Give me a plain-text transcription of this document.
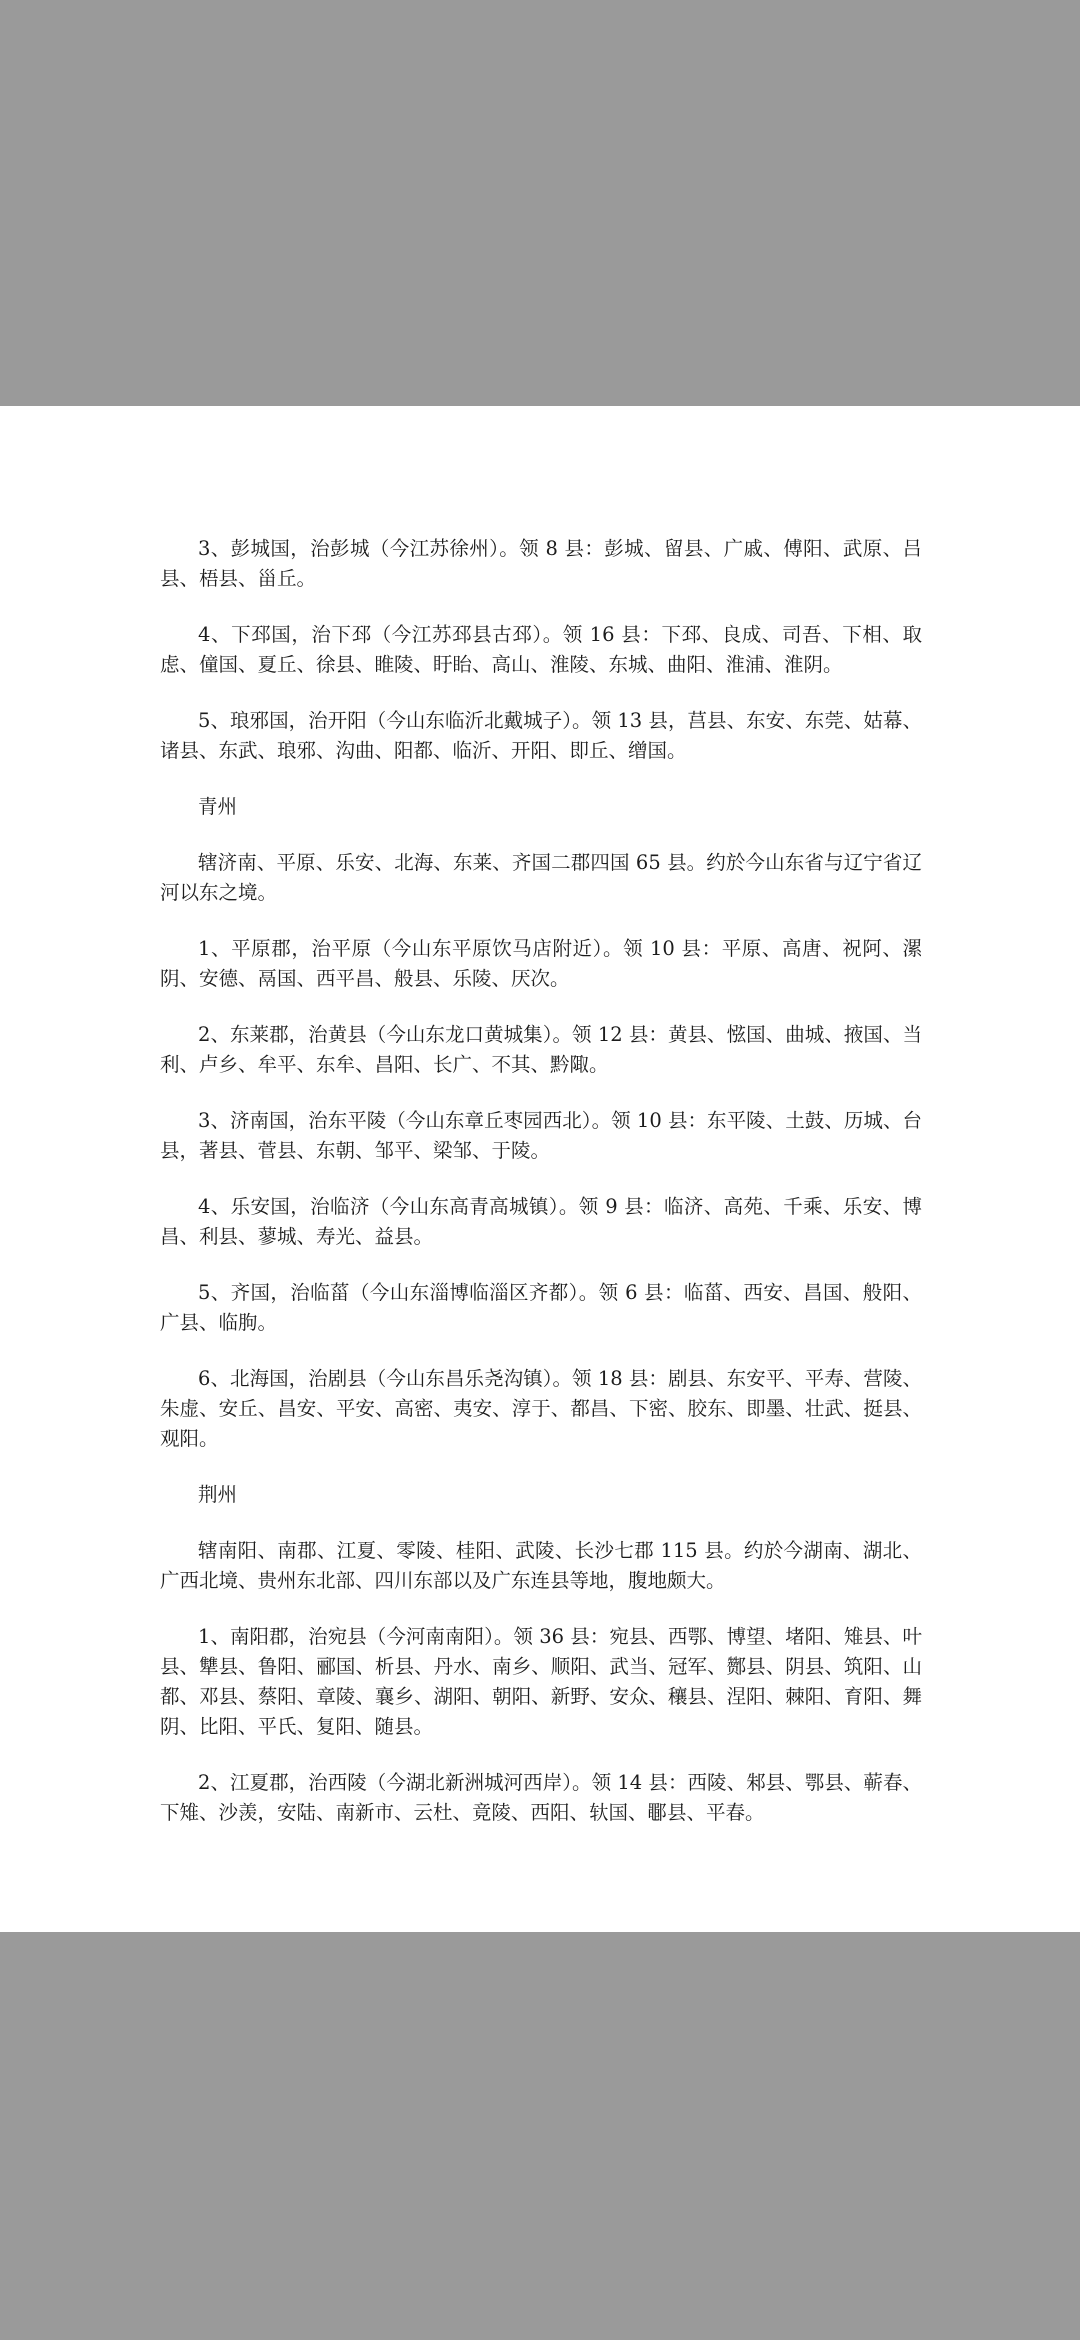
3、彭城国，治彭城（今江苏徐州）。领 8 县：彭城、留县、广戚、傅阳、武原、吕县、梧县、甾丘。

4、下邳国，治下邳（今江苏邳县古邳）。领 16 县：下邳、良成、司吾、下相、取虑、僮国、夏丘、徐县、睢陵、盱眙、高山、淮陵、东城、曲阳、淮浦、淮阴。

5、琅邪国，治开阳（今山东临沂北戴城子）。领 13 县，莒县、东安、东莞、姑幕、诸县、东武、琅邪、沟曲、阳都、临沂、开阳、即丘、缯国。

青州

辖济南、平原、乐安、北海、东莱、齐国二郡四国 65 县。约於今山东省与辽宁省辽河以东之境。

1、平原郡，治平原（今山东平原饮马店附近）。领 10 县：平原、高唐、祝阿、漯阴、安德、鬲国、西平昌、般县、乐陵、厌次。

2、东莱郡，治黄县（今山东龙口黄城集）。领 12 县：黄县、惤国、曲城、掖国、当利、卢乡、牟平、东牟、昌阳、长广、不其、黔陬。

3、济南国，治东平陵（今山东章丘枣园西北）。领 10 县：东平陵、土鼓、历城、台县，著县、菅县、东朝、邹平、梁邹、于陵。

4、乐安国，治临济（今山东高青高城镇）。领 9 县：临济、高苑、千乘、乐安、博昌、利县、蓼城、寿光、益县。

5、齐国，治临菑（今山东淄博临淄区齐都）。领 6 县：临菑、西安、昌国、般阳、广县、临朐。

6、北海国，治剧县（今山东昌乐尧沟镇）。领 18 县：剧县、东安平、平寿、营陵、朱虚、安丘、昌安、平安、高密、夷安、淳于、都昌、下密、胶东、即墨、壮武、挺县、观阳。

荆州

辖南阳、南郡、江夏、零陵、桂阳、武陵、长沙七郡 115 县。约於今湖南、湖北、广西北境、贵州东北部、四川东部以及广东连县等地，腹地颇大。

1、南阳郡，治宛县（今河南南阳）。领 36 县：宛县、西鄂、博望、堵阳、雉县、叶县、犨县、鲁阳、郦国、析县、丹水、南乡、顺阳、武当、冠军、酂县、阴县、筑阳、山都、邓县、蔡阳、章陵、襄乡、湖阳、朝阳、新野、安众、穰县、涅阳、棘阳、育阳、舞阴、比阳、平氏、复阳、随县。

2、江夏郡，治西陵（今湖北新洲城河西岸）。领 14 县：西陵、邾县、鄂县、蕲春、下雉、沙羡，安陆、南新市、云杜、竟陵、西阳、轪国、鄳县、平春。
